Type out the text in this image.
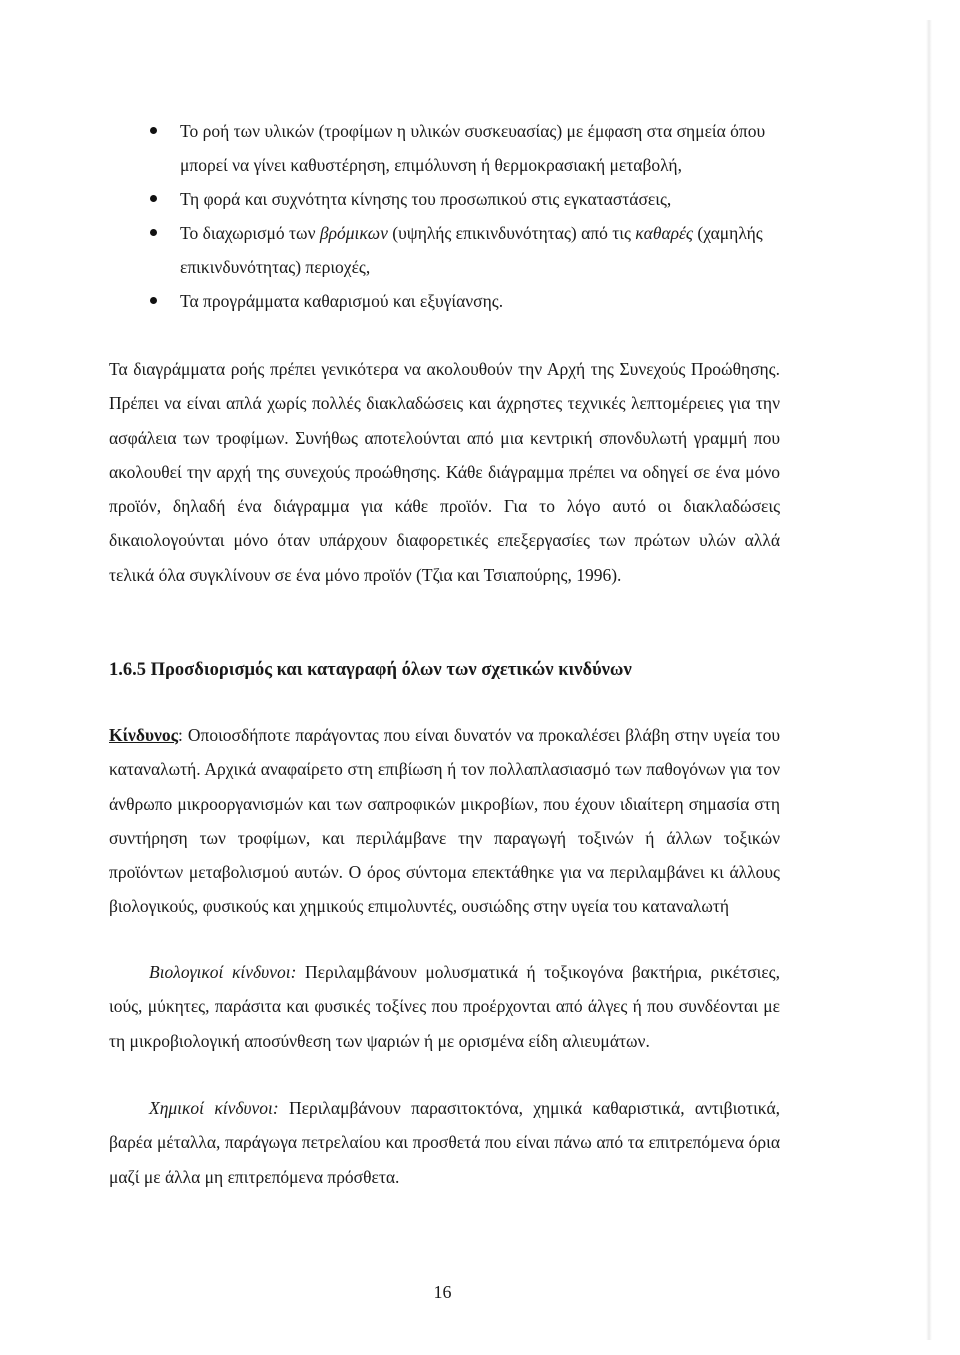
Το ροή των υλικών (τροφίμων η υλικών συσκευασίας) με έμφαση στα σημεία όπου μπορεί να γίνει καθυστέρηση, επιμόλυνση ή θερμοκρασιακή μεταβολή,
Τη φορά και συχνότητα κίνησης του προσωπικού στις εγκαταστάσεις,
Το διαχωρισμό των βρόμικων (υψηλής επικινδυνότητας) από τις καθαρές (χαμηλής επικινδυνότητας) περιοχές,
Τα προγράμματα καθαρισμού και εξυγίανσης.

Τα διαγράμματα ροής πρέπει γενικότερα να ακολουθούν την Αρχή της Συνεχούς Προώθησης. Πρέπει να είναι απλά χωρίς πολλές διακλαδώσεις και άχρηστες τεχνικές λεπτομέρειες για την ασφάλεια των τροφίμων. Συνήθως αποτελούνται από μια κεντρική σπονδυλωτή γραμμή που ακολουθεί την αρχή της συνεχούς προώθησης. Κάθε διάγραμμα πρέπει να οδηγεί σε ένα μόνο προϊόν, δηλαδή ένα διάγραμμα για κάθε προϊόν. Για το λόγο αυτό οι διακλαδώσεις δικαιολογούνται μόνο όταν υπάρχουν διαφορετικές επεξεργασίες των πρώτων υλών αλλά τελικά όλα συγκλίνουν σε ένα μόνο προϊόν (Τζια και Τσιαπούρης, 1996).

1.6.5 Προσδιορισμός και καταγραφή όλων των σχετικών κινδύνων

Κίνδυνος: Οποιοσδήποτε παράγοντας που είναι δυνατόν να προκαλέσει βλάβη στην υγεία του καταναλωτή. Αρχικά αναφαίρετο στη επιβίωση ή τον πολλαπλασιασμό των παθογόνων για τον άνθρωπο μικροοργανισμών και των σαπροφικών μικροβίων, που έχουν ιδιαίτερη σημασία στη συντήρηση των τροφίμων, και περιλάμβανε την παραγωγή τοξινών ή άλλων τοξικών προϊόντων μεταβολισμού αυτών. Ο όρος σύντομα επεκτάθηκε για να περιλαμβάνει κι άλλους βιολογικούς, φυσικούς και χημικούς επιμολυντές, ουσιώδης στην υγεία του καταναλωτή

Βιολογικοί κίνδυνοι: Περιλαμβάνουν μολυσματικά ή τοξικογόνα βακτήρια, ρικέτσιες, ιούς, μύκητες, παράσιτα και φυσικές τοξίνες που προέρχονται από άλγες ή που συνδέονται με τη μικροβιολογική αποσύνθεση των ψαριών ή με ορισμένα είδη αλιευμάτων.

Χημικοί κίνδυνοι: Περιλαμβάνουν παρασιτοκτόνα, χημικά καθαριστικά, αντιβιοτικά, βαρέα μέταλλα, παράγωγα πετρελαίου και προσθετά που είναι πάνω από τα επιτρεπόμενα όρια μαζί με άλλα μη επιτρεπόμενα πρόσθετα.

16
